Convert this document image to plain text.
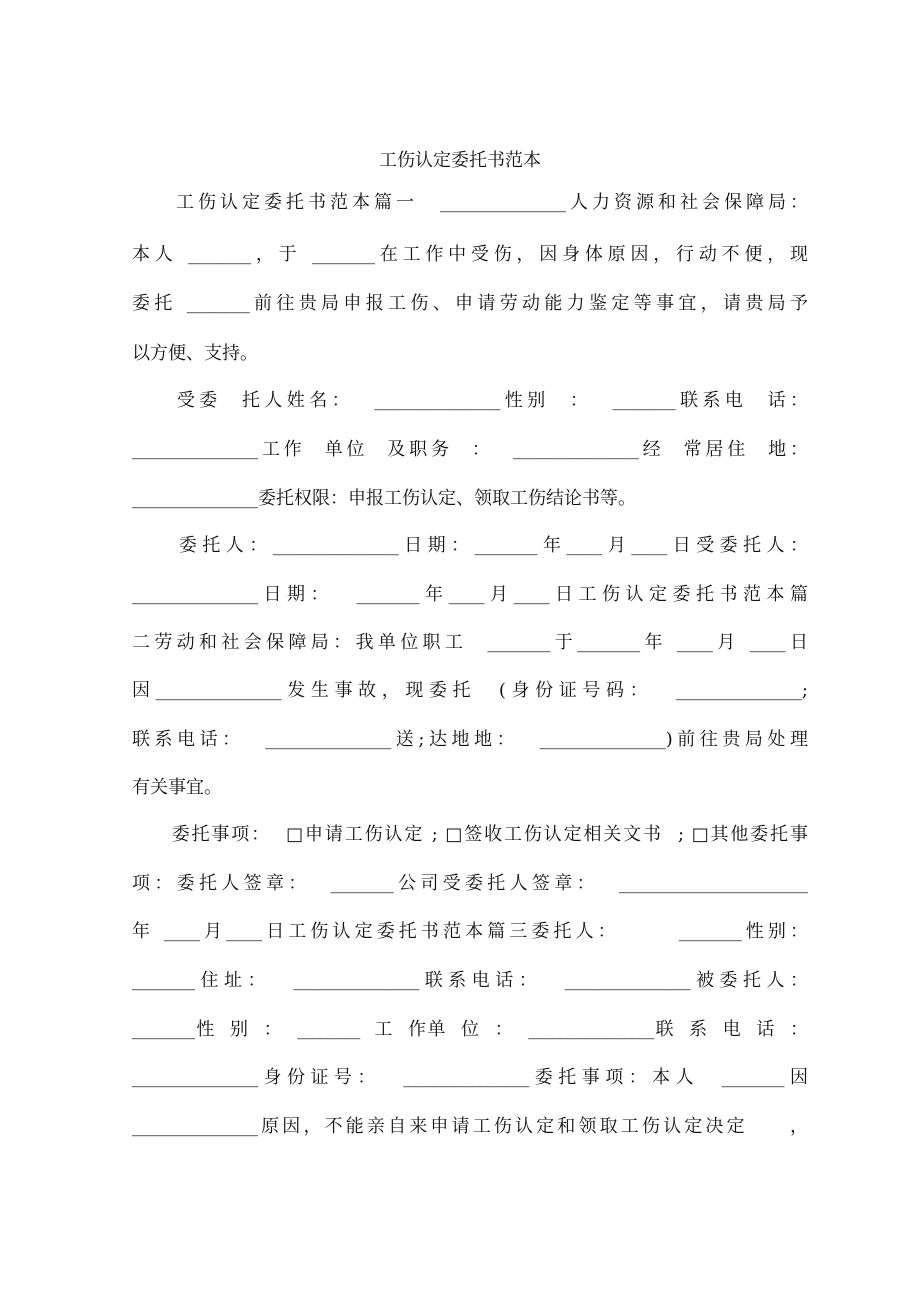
工伤认定委托书范本
　　工伤认定委托书范本篇一　______________人力资源和社会保障局：
本人 _______，于 _______在工作中受伤，因身体原因，行动不便，现
委托 _______前往贵局申报工伤、申请劳动能力鉴定等事宜，请贵局予
以方便、支持。
　　受委  托人姓名：  ______________性别  ：  _______联系电  话：
______________工作  单位  及职务  ：  ______________经  常居住  地：
______________委托权限：申报工伤认定、领取工伤结论书等。
　　委托人：______________日期：_______年____月____日受委托人：
______________日期：  _______年____月____日工伤认定委托书范本篇
二劳动和社会保障局：我单位职工  _______于_______年 ____月 ____日
因______________发生事故，现委托  (身份证号码：  ______________;
联系电话：  ______________送;达地地：  ______________)前往贵局处理
有关事宜。
　　委托事项：  □申请工伤认定 ; □签收工伤认定相关文书  ; □其他委托事
项：委托人签章：  _______公司受委托人签章：  _____________________
年 ____月____日工伤认定委托书范本篇三委托人：      _______性别：
_______住址：  ______________联系电话：  ______________被委托人：
_______性  别  ：  _______  工  作单  位  ：  ______________联  系  电  话  ：
______________身份证号：  ______________委托事项：本人  _______因
______________原因，不能亲自来申请工伤认定和领取工伤认定决定　　，
